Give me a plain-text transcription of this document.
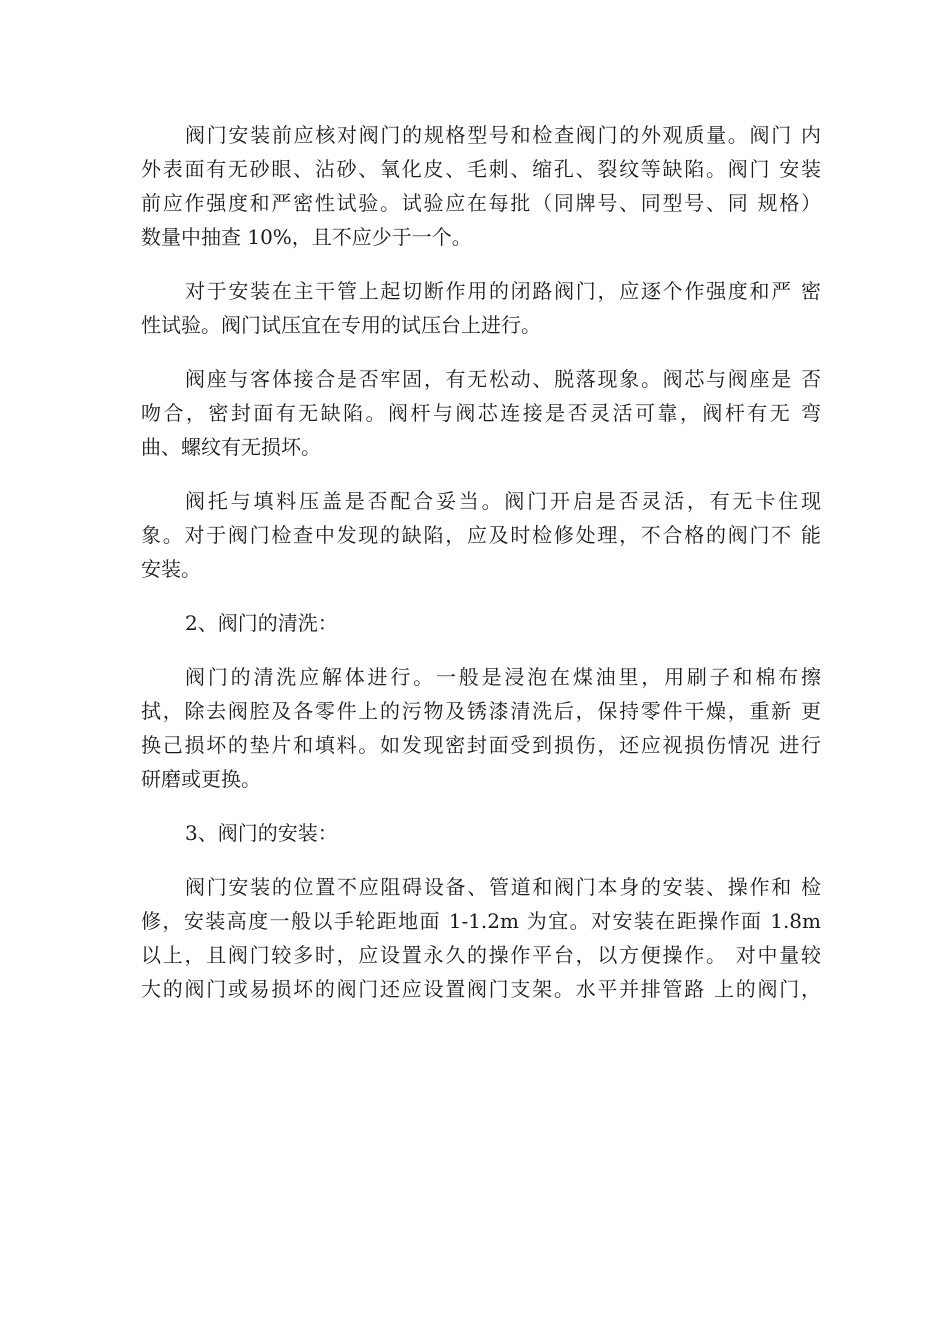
阀门安装前应核对阀门的规格型号和检查阀门的外观质量。阀门 内
外表面有无砂眼、沾砂、氧化皮、毛刺、缩孔、裂纹等缺陷。阀门 安装
前应作强度和严密性试验。试验应在每批（同牌号、同型号、同 规格）
数量中抽查 10%，且不应少于一个。
对于安装在主干管上起切断作用的闭路阀门，应逐个作强度和严 密
性试验。阀门试压宜在专用的试压台上进行。
阀座与客体接合是否牢固，有无松动、脱落现象。阀芯与阀座是 否
吻合，密封面有无缺陷。阀杆与阀芯连接是否灵活可靠，阀杆有无 弯
曲、螺纹有无损坏。
阀托与填料压盖是否配合妥当。阀门开启是否灵活，有无卡住现
象。对于阀门检查中发现的缺陷，应及时检修处理，不合格的阀门不 能
安装。
2、阀门的清洗：
阀门的清洗应解体进行。一般是浸泡在煤油里，用刷子和棉布擦
拭，除去阀腔及各零件上的污物及锈漆清洗后，保持零件干燥，重新 更
换己损坏的垫片和填料。如发现密封面受到损伤，还应视损伤情况 进行
研磨或更换。
3、阀门的安装：
阀门安装的位置不应阻碍设备、管道和阀门本身的安装、操作和 检
修，安装高度一般以手轮距地面 1-1.2m 为宜。对安装在距操作面 1.8m
以上，且阀门较多时，应设置永久的操作平台，以方便操作。 对中量较
大的阀门或易损坏的阀门还应设置阀门支架。水平并排管路 上的阀门，
